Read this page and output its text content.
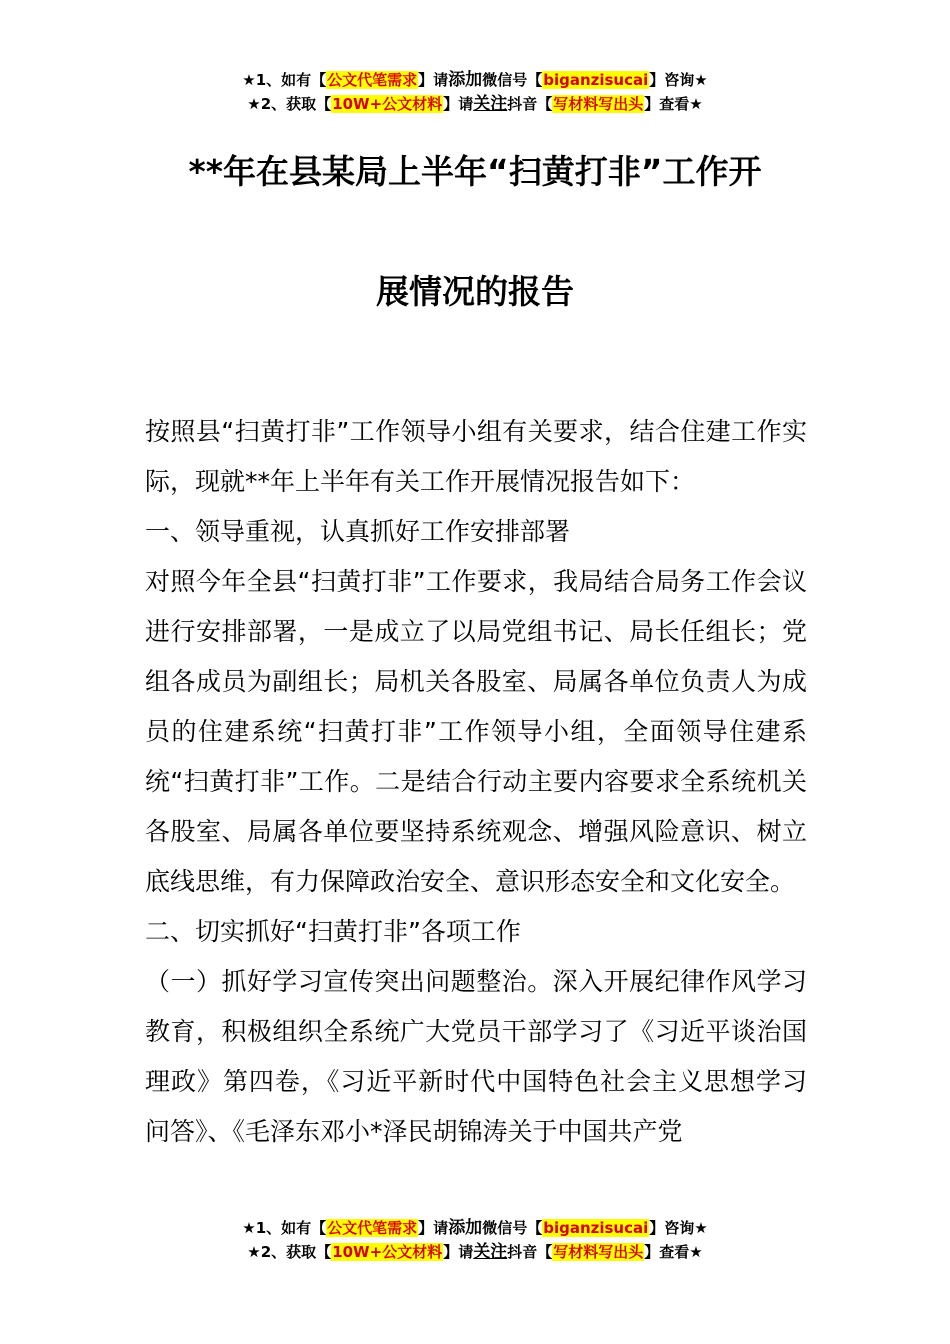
★1、如有【公文代笔需求】请添加微信号【biganzisucai】咨询★
★2、获取【10W+公文材料】请关注抖音【写材料写出头】查看★
**年在县某局上半年“扫黄打非”工作开
展情况的报告

按照县“扫黄打非”工作领导小组有关要求，结合住建工作实际，现就**年上半年有关工作开展情况报告如下：

一、领导重视，认真抓好工作安排部署

对照今年全县“扫黄打非”工作要求，我局结合局务工作会议进行安排部署，一是成立了以局党组书记、局长任组长；党组各成员为副组长；局机关各股室、局属各单位负责人为成员的住建系统“扫黄打非”工作领导小组，全面领导住建系统“扫黄打非”工作。二是结合行动主要内容要求全系统机关各股室、局属各单位要坚持系统观念、增强风险意识、树立底线思维，有力保障政治安全、意识形态安全和文化安全。

二、切实抓好“扫黄打非”各项工作

（一）抓好学习宣传突出问题整治。深入开展纪律作风学习教育，积极组织全系统广大党员干部学习了《习近平谈治国理政》第四卷，《习近平新时代中国特色社会主义思想学习问答》、《毛泽东邓小*泽民胡锦涛关于中国共产党

★1、如有【公文代笔需求】请添加微信号【biganzisucai】咨询★
★2、获取【10W+公文材料】请关注抖音【写材料写出头】查看★
